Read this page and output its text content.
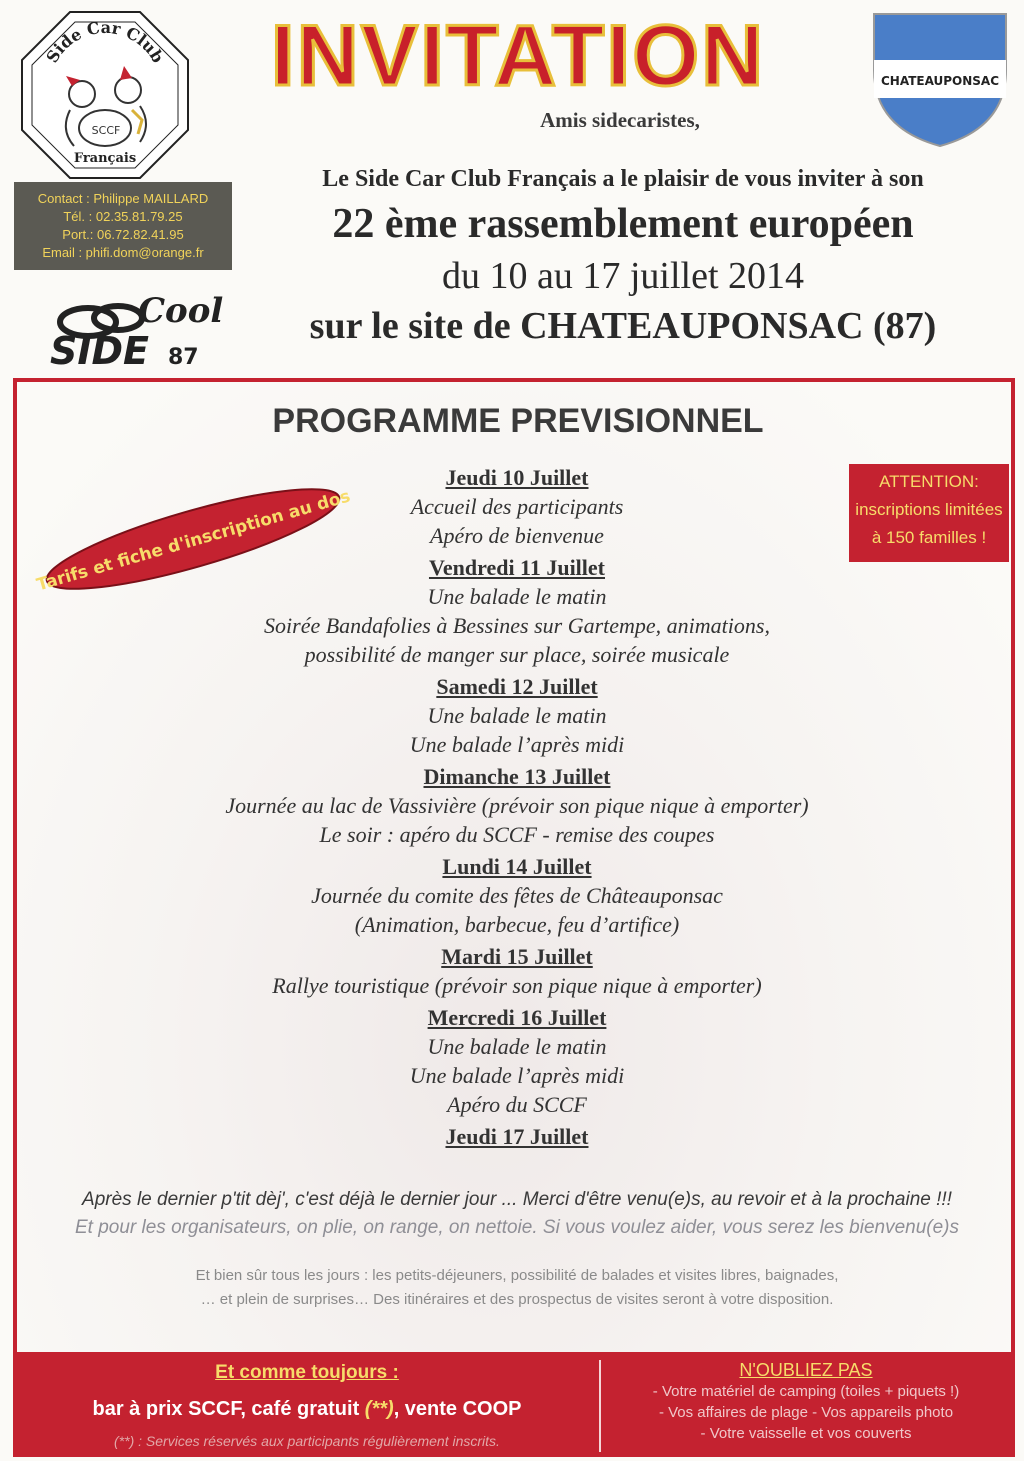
Side Car Club
Français
SCCF
Contact : Philippe MAILLARD
Tél. : 02.35.81.79.25
Port.: 06.72.82.41.95
Email : phifi.dom@orange.fr
Cool
SIDE 87
INVITATION
Amis sidecaristes,
CHATEAUPONSAC
Le Side Car Club Français a le plaisir de vous inviter à son
22 ème rassemblement européen
du 10 au 17 juillet 2014
sur le site de CHATEAUPONSAC (87)
PROGRAMME PREVISIONNEL
Tarifs et fiche d'inscription au dos
ATTENTION:
inscriptions limitées
à 150 familles !
Jeudi 10 Juillet
Accueil des participants
Apéro de bienvenue
Vendredi 11 Juillet
Une balade le matin
Soirée Bandafolies à Bessines sur Gartempe, animations,
possibilité de manger sur place, soirée musicale
Samedi 12 Juillet
Une balade le matin
Une balade l’après midi
Dimanche 13 Juillet
Journée au lac de Vassivière (prévoir son pique nique à emporter)
Le soir : apéro du SCCF - remise des coupes
Lundi 14 Juillet
Journée du comite des fêtes de Châteauponsac
(Animation, barbecue, feu d’artifice)
Mardi 15 Juillet
Rallye touristique (prévoir son pique nique à emporter)
Mercredi 16 Juillet
Une balade le matin
Une balade l’après midi
Apéro du SCCF
Jeudi 17 Juillet
Après le dernier p'tit dèj', c'est déjà le dernier jour ... Merci d'être venu(e)s, au revoir et à la prochaine !!!
Et pour les organisateurs, on plie, on range, on nettoie. Si vous voulez aider, vous serez les bienvenu(e)s
Et bien sûr tous les jours : les petits-déjeuners, possibilité de balades et visites libres, baignades,
… et plein de surprises… Des itinéraires et des prospectus de visites seront à votre disposition.
Et comme toujours :
bar à prix SCCF, café gratuit (**), vente COOP
(**) : Services réservés aux participants régulièrement inscrits.
N'OUBLIEZ PAS
- Votre matériel de camping (toiles + piquets !)
- Vos affaires de plage - Vos appareils photo
- Votre vaisselle et vos couverts
